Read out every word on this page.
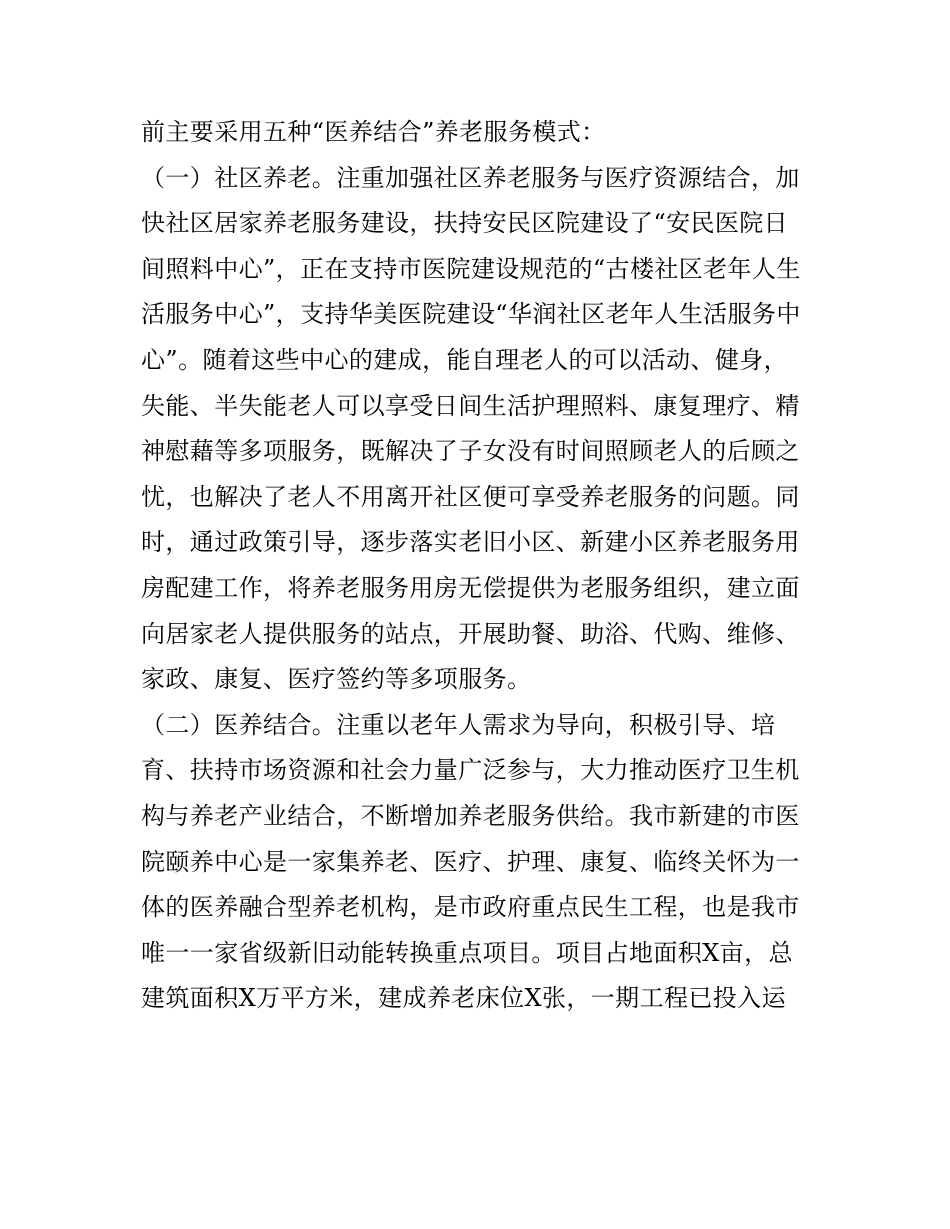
前主要采用五种“医养结合”养老服务模式：
（一）社区养老。注重加强社区养老服务与医疗资源结合，加
快社区居家养老服务建设，扶持安民区院建设了“安民医院日
间照料中心”，正在支持市医院建设规范的“古楼社区老年人生
活服务中心”，支持华美医院建设“华润社区老年人生活服务中
心”。随着这些中心的建成，能自理老人的可以活动、健身，
失能、半失能老人可以享受日间生活护理照料、康复理疗、精
神慰藉等多项服务，既解决了子女没有时间照顾老人的后顾之
忧，也解决了老人不用离开社区便可享受养老服务的问题。同
时，通过政策引导，逐步落实老旧小区、新建小区养老服务用
房配建工作，将养老服务用房无偿提供为老服务组织，建立面
向居家老人提供服务的站点，开展助餐、助浴、代购、维修、
家政、康复、医疗签约等多项服务。
（二）医养结合。注重以老年人需求为导向，积极引导、培
育、扶持市场资源和社会力量广泛参与，大力推动医疗卫生机
构与养老产业结合，不断增加养老服务供给。我市新建的市医
院颐养中心是一家集养老、医疗、护理、康复、临终关怀为一
体的医养融合型养老机构，是市政府重点民生工程，也是我市
唯一一家省级新旧动能转换重点项目。项目占地面积X亩，总
建筑面积X万平方米，建成养老床位X张，一期工程已投入运
